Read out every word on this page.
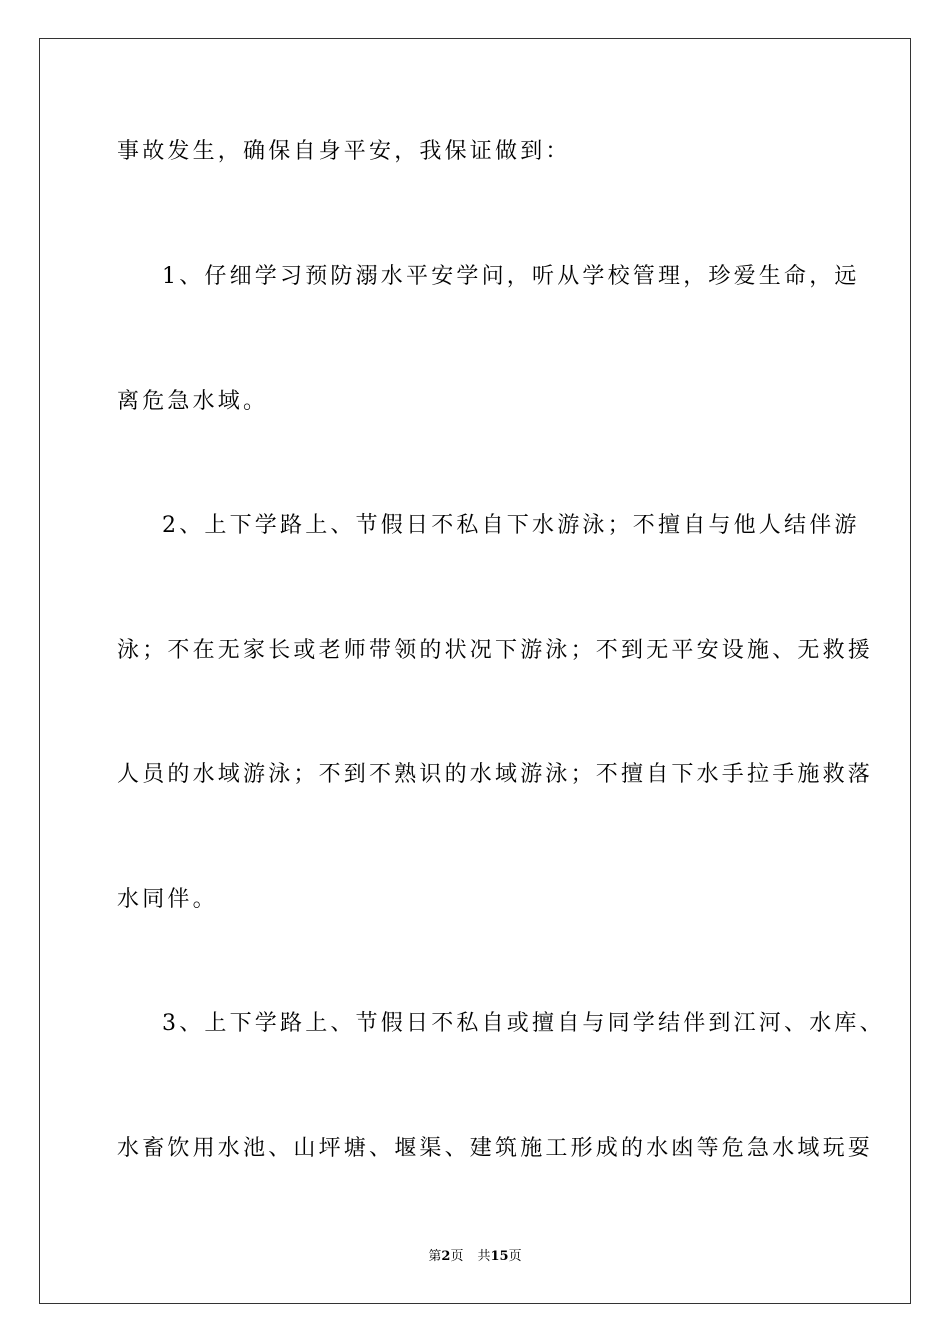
事故发生，确保自身平安，我保证做到：
1、仔细学习预防溺水平安学问，听从学校管理，珍爱生命，远
离危急水域。
2、上下学路上、节假日不私自下水游泳；不擅自与他人结伴游
泳；不在无家长或老师带领的状况下游泳；不到无平安设施、无救援
人员的水域游泳；不到不熟识的水域游泳；不擅自下水手拉手施救落
水同伴。
3、上下学路上、节假日不私自或擅自与同学结伴到江河、水库、
水畜饮用水池、山坪塘、堰渠、建筑施工形成的水凼等危急水域玩耍
第2页 共15页
